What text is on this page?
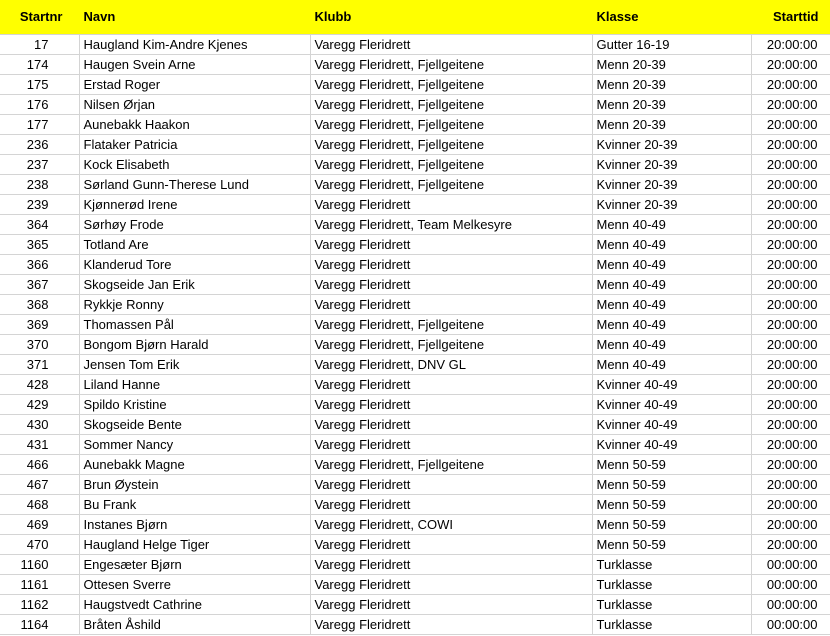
Startnr	Navn	Klubb	Klasse	Starttid
17	Haugland Kim-Andre Kjenes	Varegg Fleridrett	Gutter 16-19	20:00:00
174	Haugen Svein Arne	Varegg Fleridrett, Fjellgeitene	Menn 20-39	20:00:00
175	Erstad Roger	Varegg Fleridrett, Fjellgeitene	Menn 20-39	20:00:00
176	Nilsen Ørjan	Varegg Fleridrett, Fjellgeitene	Menn 20-39	20:00:00
177	Aunebakk Haakon	Varegg Fleridrett, Fjellgeitene	Menn 20-39	20:00:00
236	Flataker Patricia	Varegg Fleridrett, Fjellgeitene	Kvinner 20-39	20:00:00
237	Kock Elisabeth	Varegg Fleridrett, Fjellgeitene	Kvinner 20-39	20:00:00
238	Sørland Gunn-Therese Lund	Varegg Fleridrett, Fjellgeitene	Kvinner 20-39	20:00:00
239	Kjønnerød Irene	Varegg Fleridrett	Kvinner 20-39	20:00:00
364	Sørhøy Frode	Varegg Fleridrett, Team Melkesyre	Menn 40-49	20:00:00
365	Totland Are	Varegg Fleridrett	Menn 40-49	20:00:00
366	Klanderud Tore	Varegg Fleridrett	Menn 40-49	20:00:00
367	Skogseide Jan Erik	Varegg Fleridrett	Menn 40-49	20:00:00
368	Rykkje Ronny	Varegg Fleridrett	Menn 40-49	20:00:00
369	Thomassen Pål	Varegg Fleridrett, Fjellgeitene	Menn 40-49	20:00:00
370	Bongom Bjørn Harald	Varegg Fleridrett, Fjellgeitene	Menn 40-49	20:00:00
371	Jensen Tom Erik	Varegg Fleridrett, DNV GL	Menn 40-49	20:00:00
428	Liland Hanne	Varegg Fleridrett	Kvinner 40-49	20:00:00
429	Spildo Kristine	Varegg Fleridrett	Kvinner 40-49	20:00:00
430	Skogseide Bente	Varegg Fleridrett	Kvinner 40-49	20:00:00
431	Sommer Nancy	Varegg Fleridrett	Kvinner 40-49	20:00:00
466	Aunebakk Magne	Varegg Fleridrett, Fjellgeitene	Menn 50-59	20:00:00
467	Brun Øystein	Varegg Fleridrett	Menn 50-59	20:00:00
468	Bu Frank	Varegg Fleridrett	Menn 50-59	20:00:00
469	Instanes Bjørn	Varegg Fleridrett, COWI	Menn 50-59	20:00:00
470	Haugland Helge Tiger	Varegg Fleridrett	Menn 50-59	20:00:00
1160	Engesæter Bjørn	Varegg Fleridrett	Turklasse	00:00:00
1161	Ottesen Sverre	Varegg Fleridrett	Turklasse	00:00:00
1162	Haugstvedt Cathrine	Varegg Fleridrett	Turklasse	00:00:00
1164	Bråten Åshild	Varegg Fleridrett	Turklasse	00:00:00
